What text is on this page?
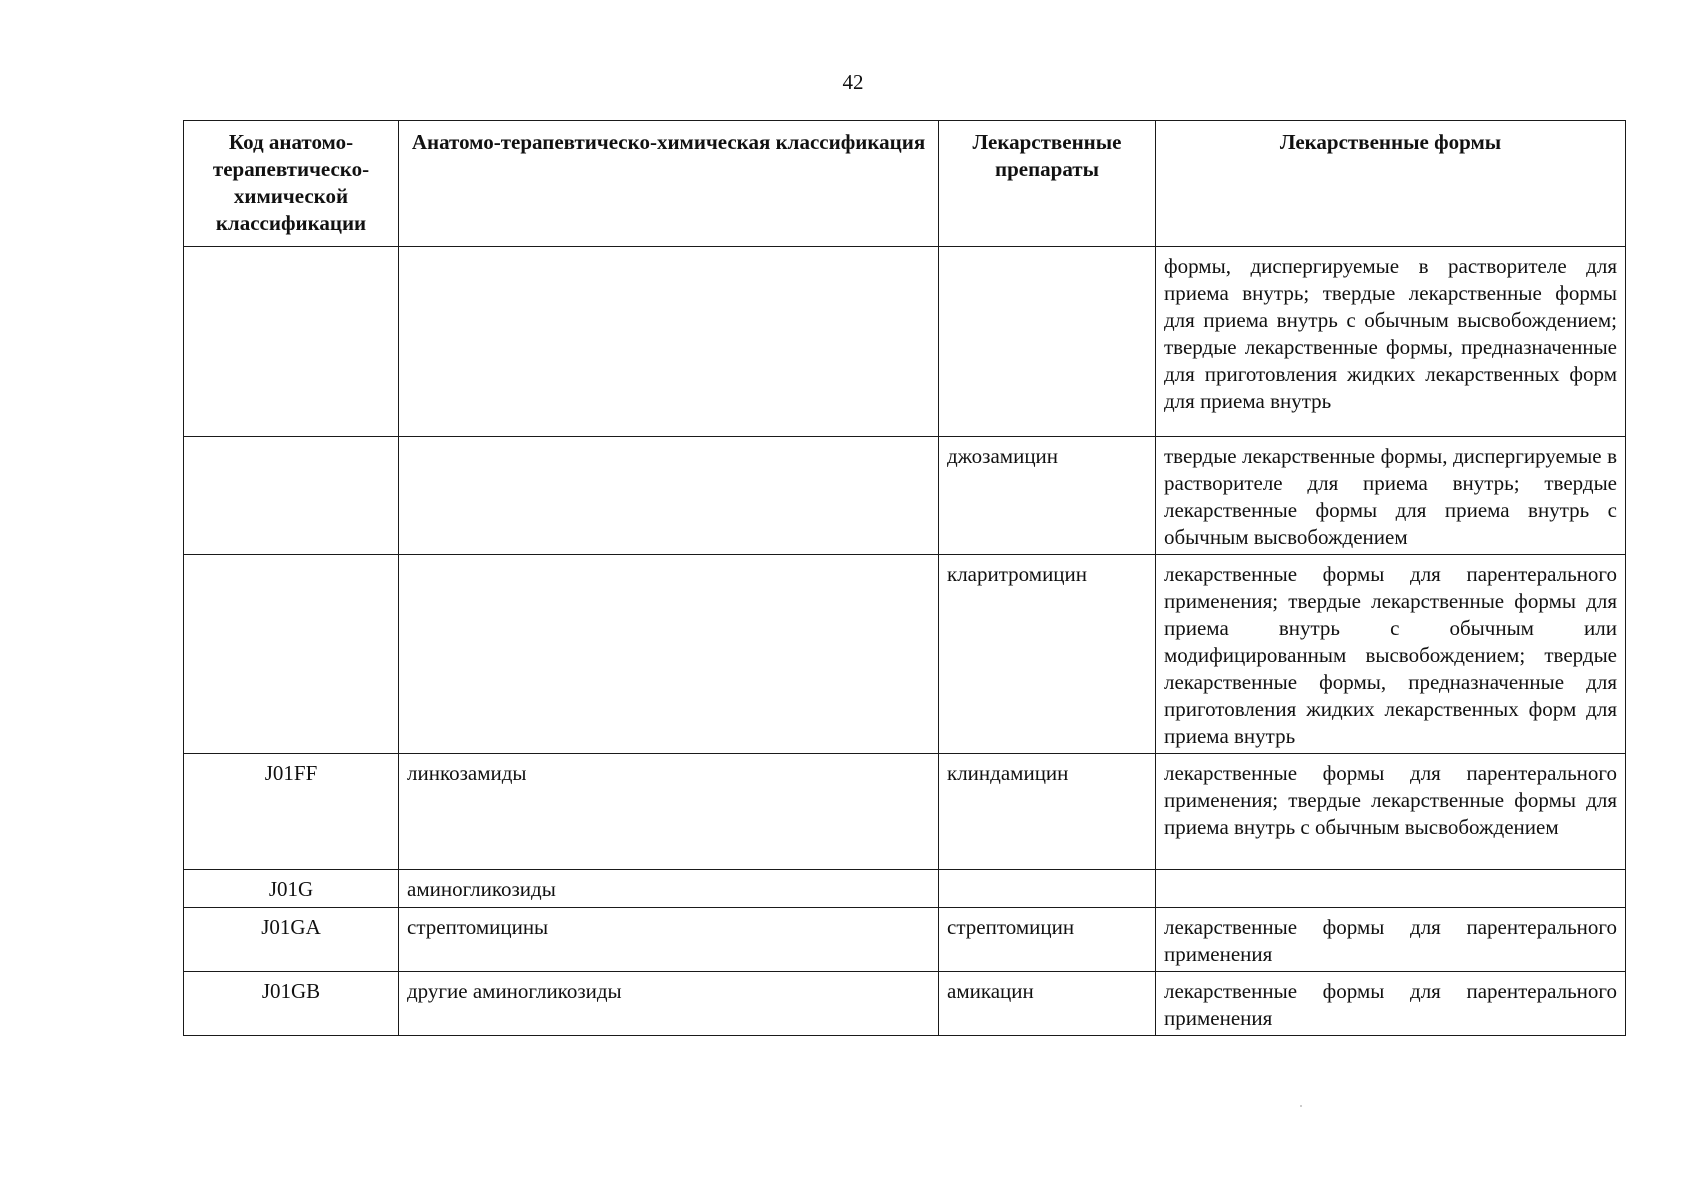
42
Код анатомо-терапевтическо-химической классификации	Анатомо-терапевтическо-химическая классификация	Лекарственные препараты	Лекарственные формы
			формы, диспергируемые в растворителе для приема внутрь; твердые лекарственные формы для приема внутрь с обычным высвобождением; твердые лекарственные формы, предназначенные для приготовления жидких лекарственных форм для приема внутрь
		джозамицин	твердые лекарственные формы, диспергируемые в растворителе для приема внутрь; твердые лекарственные формы для приема внутрь с обычным высвобождением
		кларитромицин	лекарственные формы для парентерального применения; твердые лекарственные формы для приема внутрь с обычным или модифицированным высвобождением; твердые лекарственные формы, предназначенные для приготовления жидких лекарственных форм для приема внутрь
J01FF	линкозамиды	клиндамицин	лекарственные формы для парентерального применения; твердые лекарственные формы для приема внутрь с обычным высвобождением
J01G	аминогликозиды		
J01GA	стрептомицины	стрептомицин	лекарственные формы для парентерального применения
J01GB	другие аминогликозиды	амикацин	лекарственные формы для парентерального применения
